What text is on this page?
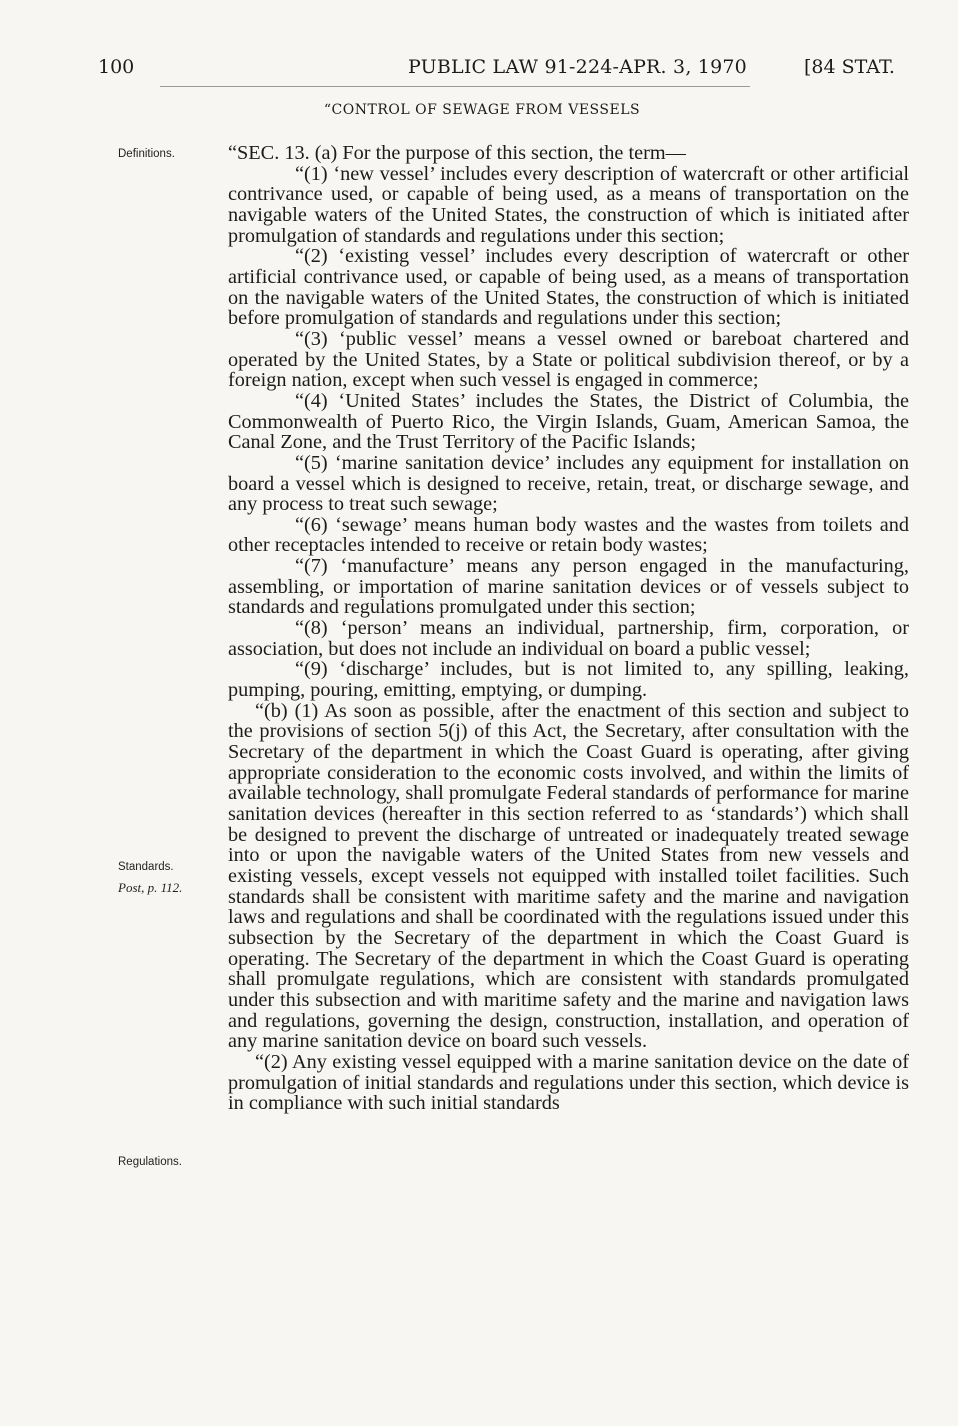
100	PUBLIC LAW 91-224-APR. 3, 1970	[84 STAT.
“CONTROL OF SEWAGE FROM VESSELS
Definitions.
Standards.
Post, p. 112.
Regulations.

“SEC. 13. (a) For the purpose of this section, the term—

“(1) ‘new vessel’ includes every description of watercraft or other artificial contrivance used, or capable of being used, as a means of transportation on the navigable waters of the United States, the construction of which is initiated after promulgation of standards and regulations under this section;

“(2) ‘existing vessel’ includes every description of watercraft or other artificial contrivance used, or capable of being used, as a means of transportation on the navigable waters of the United States, the construction of which is initiated before promulgation of standards and regulations under this section;

“(3) ‘public vessel’ means a vessel owned or bareboat chartered and operated by the United States, by a State or political subdivision thereof, or by a foreign nation, except when such vessel is engaged in commerce;

“(4) ‘United States’ includes the States, the District of Columbia, the Commonwealth of Puerto Rico, the Virgin Islands, Guam, American Samoa, the Canal Zone, and the Trust Territory of the Pacific Islands;

“(5) ‘marine sanitation device’ includes any equipment for installation on board a vessel which is designed to receive, retain, treat, or discharge sewage, and any process to treat such sewage;

“(6) ‘sewage’ means human body wastes and the wastes from toilets and other receptacles intended to receive or retain body wastes;

“(7) ‘manufacture’ means any person engaged in the manufacturing, assembling, or importation of marine sanitation devices or of vessels subject to standards and regulations promulgated under this section;

“(8) ‘person’ means an individual, partnership, firm, corporation, or association, but does not include an individual on board a public vessel;

“(9) ‘discharge’ includes, but is not limited to, any spilling, leaking, pumping, pouring, emitting, emptying, or dumping.

“(b) (1) As soon as possible, after the enactment of this section and subject to the provisions of section 5(j) of this Act, the Secretary, after consultation with the Secretary of the department in which the Coast Guard is operating, after giving appropriate consideration to the economic costs involved, and within the limits of available technology, shall promulgate Federal standards of performance for marine sanitation devices (hereafter in this section referred to as ‘standards’) which shall be designed to prevent the discharge of untreated or inadequately treated sewage into or upon the navigable waters of the United States from new vessels and existing vessels, except vessels not equipped with installed toilet facilities. Such standards shall be consistent with maritime safety and the marine and navigation laws and regulations and shall be coordinated with the regulations issued under this subsection by the Secretary of the department in which the Coast Guard is operating. The Secretary of the department in which the Coast Guard is operating shall promulgate regulations, which are consistent with standards promulgated under this subsection and with maritime safety and the marine and navigation laws and regulations, governing the design, construction, installation, and operation of any marine sanitation device on board such vessels.

“(2) Any existing vessel equipped with a marine sanitation device on the date of promulgation of initial standards and regulations under this section, which device is in compliance with such initial standards
